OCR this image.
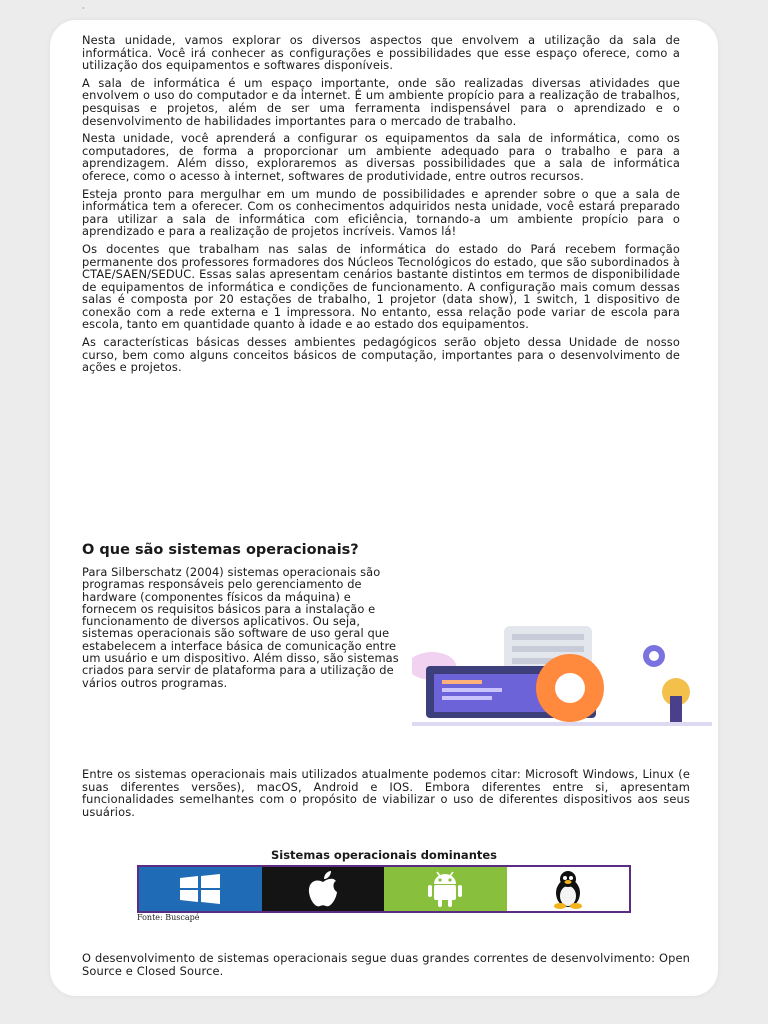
·

Nesta unidade, vamos explorar os diversos aspectos que envolvem a utilização da sala de informática. Você irá conhecer as configurações e possibilidades que esse espaço oferece, como a utilização dos equipamentos e softwares disponíveis.

A sala de informática é um espaço importante, onde são realizadas diversas atividades que envolvem o uso do computador e da internet. É um ambiente propício para a realização de trabalhos, pesquisas e projetos, além de ser uma ferramenta indispensável para o aprendizado e o desenvolvimento de habilidades importantes para o mercado de trabalho.

Nesta unidade, você aprenderá a configurar os equipamentos da sala de informática, como os computadores, de forma a proporcionar um ambiente adequado para o trabalho e para a aprendizagem. Além disso, exploraremos as diversas possibilidades que a sala de informática oferece, como o acesso à internet, softwares de produtividade, entre outros recursos.

Esteja pronto para mergulhar em um mundo de possibilidades e aprender sobre o que a sala de informática tem a oferecer. Com os conhecimentos adquiridos nesta unidade, você estará preparado para utilizar a sala de informática com eficiência, tornando-a um ambiente propício para o aprendizado e para a realização de projetos incríveis. Vamos lá!

Os docentes que trabalham nas salas de informática do estado do Pará recebem formação permanente dos professores formadores dos Núcleos Tecnológicos do estado, que são subordinados à CTAE/SAEN/SEDUC. Essas salas apresentam cenários bastante distintos em termos de disponibilidade de equipamentos de informática e condições de funcionamento. A configuração mais comum dessas salas é composta por 20 estações de trabalho, 1 projetor (data show), 1 switch, 1 dispositivo de conexão com a rede externa e 1 impressora. No entanto, essa relação pode variar de escola para escola, tanto em quantidade quanto à idade e ao estado dos equipamentos.

As características básicas desses ambientes pedagógicos serão objeto dessa Unidade de nosso curso, bem como alguns conceitos básicos de computação, importantes para o desenvolvimento de ações e projetos.

O que são sistemas operacionais?
Para Silberschatz (2004) sistemas operacionais são programas responsáveis pelo gerenciamento de hardware (componentes físicos da máquina) e fornecem os requisitos básicos para a instalação e funcionamento de diversos aplicativos. Ou seja, sistemas operacionais são software de uso geral que estabelecem a interface básica de comunicação entre um usuário e um dispositivo. Além disso, são sistemas criados para servir de plataforma para a utilização de vários outros programas.
Entre os sistemas operacionais mais utilizados atualmente podemos citar: Microsoft Windows, Linux (e suas diferentes versões), macOS, Android e IOS. Embora diferentes entre si, apresentam funcionalidades semelhantes com o propósito de viabilizar o uso de diferentes dispositivos aos seus usuários.
Sistemas operacionais dominantes
Fonte: Buscapé
O desenvolvimento de sistemas operacionais segue duas grandes correntes de desenvolvimento: Open Source e Closed Source.
